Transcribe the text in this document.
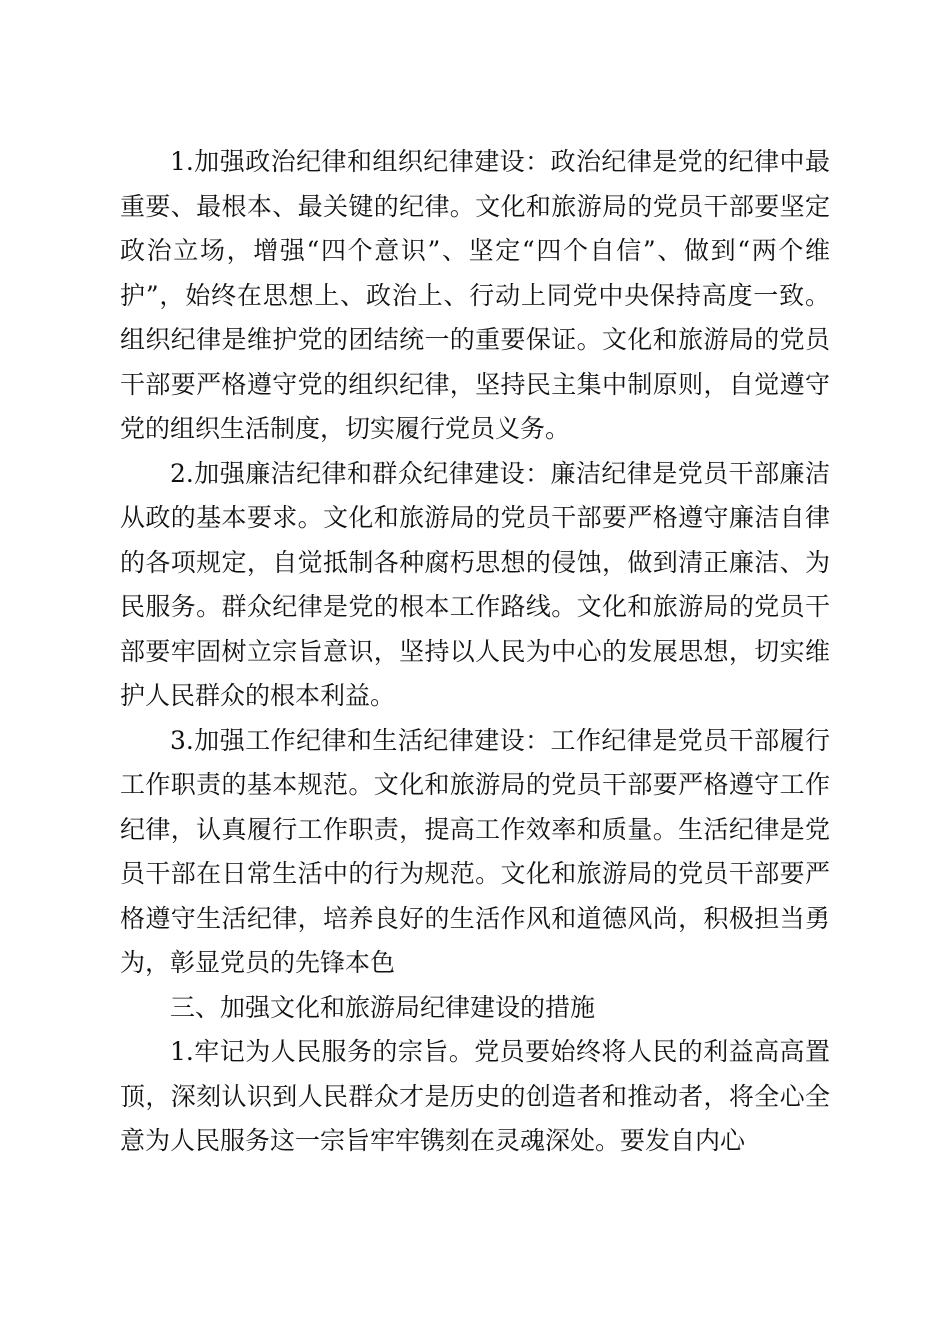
1.加强政治纪律和组织纪律建设：政治纪律是党的纪律中最重要、最根本、最关键的纪律。文化和旅游局的党员干部要坚定政治立场，增强“四个意识”、坚定“四个自信”、做到“两个维护”，始终在思想上、政治上、行动上同党中央保持高度一致。组织纪律是维护党的团结统一的重要保证。文化和旅游局的党员干部要严格遵守党的组织纪律，坚持民主集中制原则，自觉遵守党的组织生活制度，切实履行党员义务。

2.加强廉洁纪律和群众纪律建设：廉洁纪律是党员干部廉洁从政的基本要求。文化和旅游局的党员干部要严格遵守廉洁自律的各项规定，自觉抵制各种腐朽思想的侵蚀，做到清正廉洁、为民服务。群众纪律是党的根本工作路线。文化和旅游局的党员干部要牢固树立宗旨意识，坚持以人民为中心的发展思想，切实维护人民群众的根本利益。

3.加强工作纪律和生活纪律建设：工作纪律是党员干部履行工作职责的基本规范。文化和旅游局的党员干部要严格遵守工作纪律，认真履行工作职责，提高工作效率和质量。生活纪律是党员干部在日常生活中的行为规范。文化和旅游局的党员干部要严格遵守生活纪律，培养良好的生活作风和道德风尚，积极担当勇为，彰显党员的先锋本色

三、加强文化和旅游局纪律建设的措施

1.牢记为人民服务的宗旨。党员要始终将人民的利益高高置顶，深刻认识到人民群众才是历史的创造者和推动者，将全心全意为人民服务这一宗旨牢牢镌刻在灵魂深处。要发自内心
